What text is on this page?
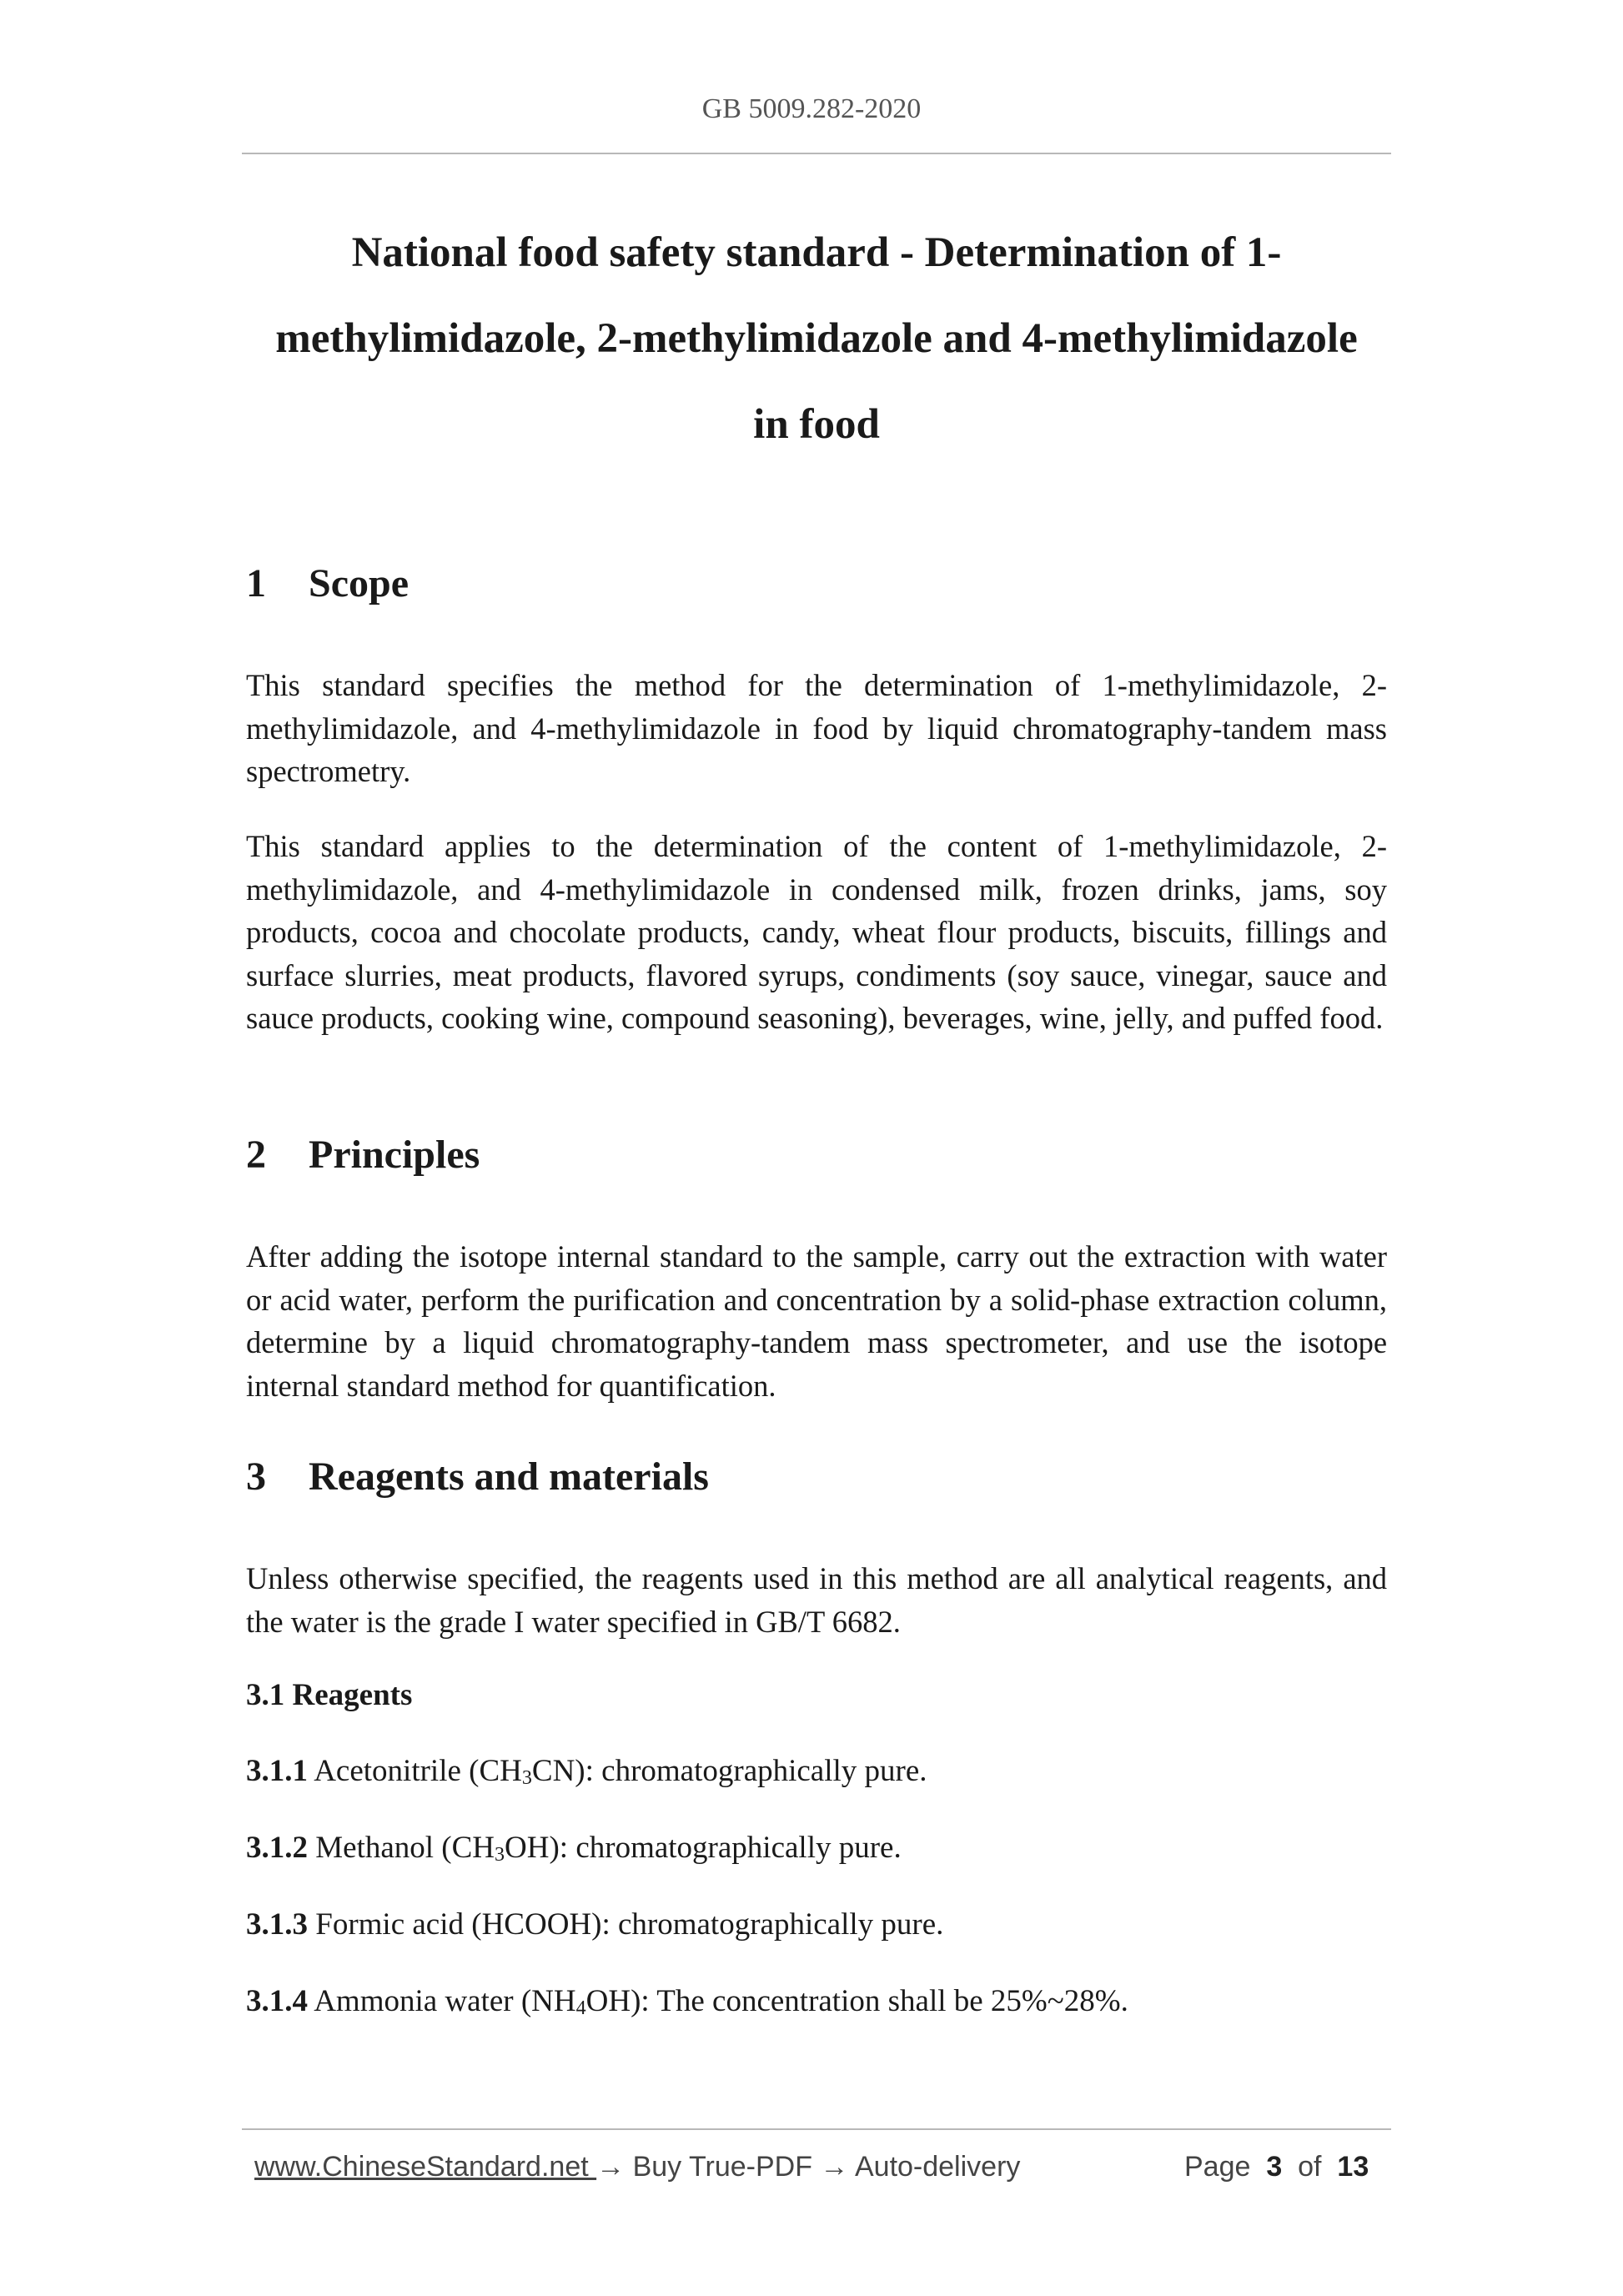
GB 5009.282-2020
National food safety standard - Determination of 1-
methylimidazole, 2-methylimidazole and 4-methylimidazole
in food
1 Scope

This standard specifies the method for the determination of 1-methylimidazole, 2- methylimidazole, and 4-methylimidazole in food by liquid chromatography-tandem mass spectrometry.

This standard applies to the determination of the content of 1-methylimidazole, 2- methylimidazole, and 4-methylimidazole in condensed milk, frozen drinks, jams, soy products, cocoa and chocolate products, candy, wheat flour products, biscuits, fillings and surface slurries, meat products, flavored syrups, condiments (soy sauce, vinegar, sauce and sauce products, cooking wine, compound seasoning), beverages, wine, jelly, and puffed food.

2 Principles

After adding the isotope internal standard to the sample, carry out the extraction with water or acid water, perform the purification and concentration by a solid-phase extraction column, determine by a liquid chromatography-tandem mass spectrometer, and use the isotope internal standard method for quantification.

3 Reagents and materials

Unless otherwise specified, the reagents used in this method are all analytical reagents, and the water is the grade I water specified in GB/T 6682.

3.1 Reagents

3.1.1 Acetonitrile $(CH_3CN)$: chromatographically pure.

3.1.2 Methanol $(CH_3OH)$: chromatographically pure.

3.1.3 Formic acid (HCOOH): chromatographically pure.

3.1.4 Ammonia water $(NH_4OH)$: The concentration shall be 25%~28%.

www.ChineseStandard.net → Buy True-PDF → Auto-delivery	Page 3 of 13
